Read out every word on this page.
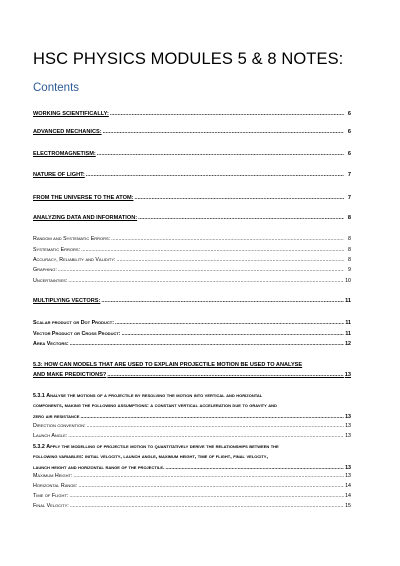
HSC PHYSICS MODULES 5 & 8 NOTES:
Contents
WORKING SCIENTIFICALLY: .....	6
ADVANCED MECHANICS: .....	6
ELECTROMAGNETISM: .....	6
NATURE OF LIGHT: .....	7
FROM THE UNIVERSE TO THE ATOM: .....	7
ANALYZING DATA AND INFORMATION: .....	8
Random and Systematic Errors: .....	8
Systematic Errors: .....	8
Accuracy, Reliability and Validity: .....	8
Graphing: .....	9
Uncertainties: .....	10
MULTIPLYING VECTORS: .....	11
Scalar product or Dot Product: .....	11
Vector Product or Cross Product: .....	11
Area Vectors: .....	12
5.3: HOW CAN MODELS THAT ARE USED TO EXPLAIN PROJECTILE MOTION BE USED TO ANALYSE
AND MAKE PREDICTIONS? .....	13
5.3.1 Analyse the motions of a projectile by resolving the motion into vertical and horizontal
components, making the following assumptions: a constant vertical acceleration due to gravity and
zero air resistance .....	13
Direction convention: .....	13
Launch Angle: .....	13
5.3.2 Apply the modelling of projectile motion to quantitatively derive the relationships between the
following variables: initial velocity, launch angle, maximum height, time of flight, final velocity,
launch height and horizontal range of the projectile. .....	13
Maximum Height: .....	13
Horizontal Range: .....	14
Time of Flight: .....	14
Final Velocity: .....	15
